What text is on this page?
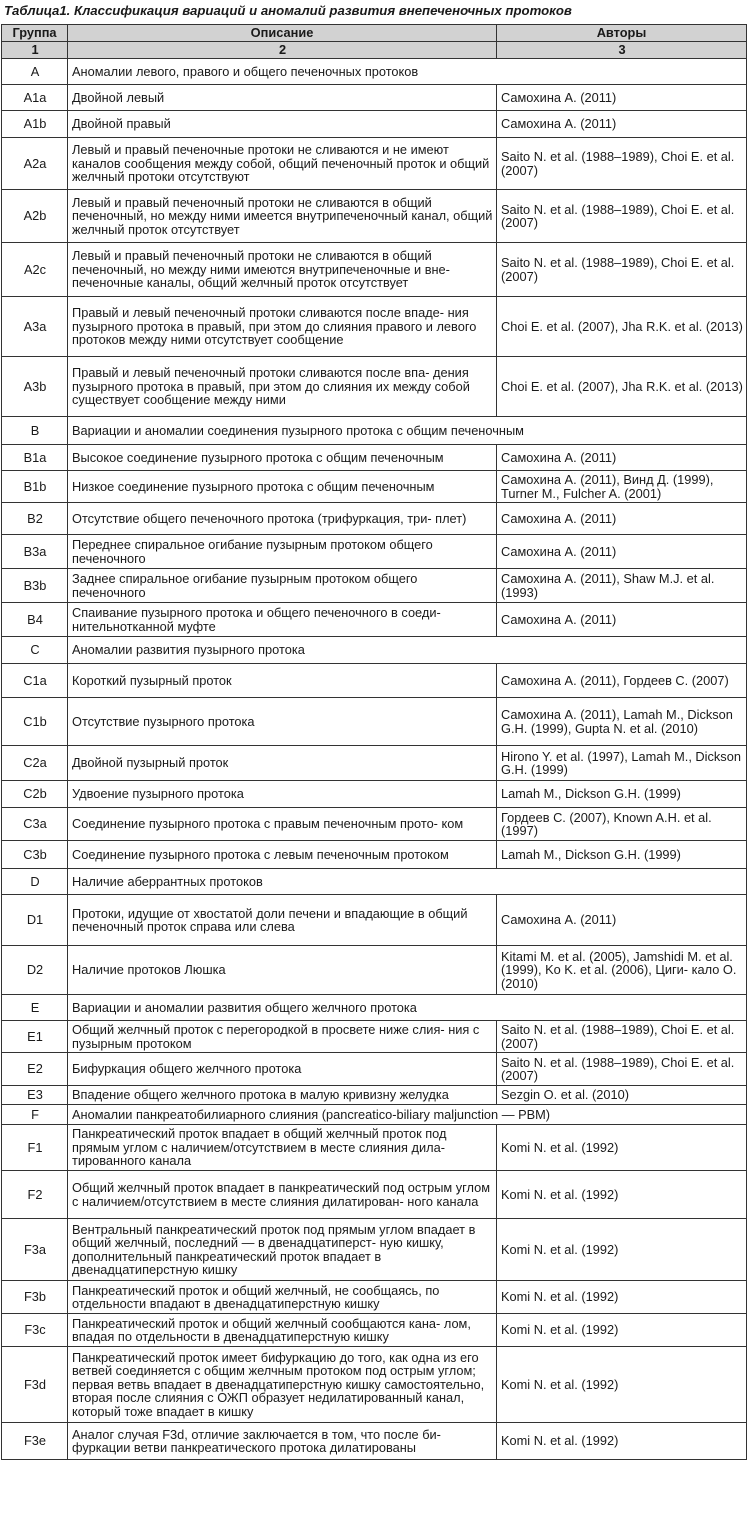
Таблица1. Классификация вариаций и аномалий развития внепеченочных протоков
Группа	Описание	Авторы
1	2	3
A	Аномалии левого, правого и общего печеночных протоков	
A1a	Двойной левый	Самохина А. (2011)
A1b	Двойной правый	Самохина А. (2011)
A2a	Левый и правый печеночные протоки не сливаются и не имеют каналов сообщения между собой, общий печеночный проток и общий желчный протоки отсутствуют	Saito N. et al. (1988–1989), Choi E. et al. (2007)
A2b	Левый и правый печеночный протоки не сливаются в общий печеночный, но между ними имеется внутрипеченочный канал, общий желчный проток отсутствует	Saito N. et al. (1988–1989), Choi E. et al. (2007)
A2c	Левый и правый печеночный протоки не сливаются в общий печеночный, но между ними имеются внутрипеченочные и вне- печеночные каналы, общий желчный проток отсутствует	Saito N. et al. (1988–1989), Choi E. et al. (2007)
A3a	Правый и левый печеночный протоки сливаются после впаде- ния пузырного протока в правый, при этом до слияния правого и левого протоков между ними отсутствует сообщение	Choi E. et al. (2007), Jha R.K. et al. (2013)
A3b	Правый и левый печеночный протоки сливаются после впа- дения пузырного протока в правый, при этом до слияния их между собой существует сообщение между ними	Choi E. et al. (2007), Jha R.K. et al. (2013)
B	Вариации и аномалии соединения пузырного протока с общим печеночным	
B1a	Высокое соединение пузырного протока с общим печеночным	Самохина А. (2011)
B1b	Низкое соединение пузырного протока с общим печеночным	Самохина А. (2011), Винд Д. (1999), Turner M., Fulcher A. (2001)
B2	Отсутствие общего печеночного протока (трифуркация, три- плет)	Самохина А. (2011)
B3a	Переднее спиральное огибание пузырным протоком общего печеночного	Самохина А. (2011)
B3b	Заднее спиральное огибание пузырным протоком общего печеночного	Самохина А. (2011), Shaw M.J. et al. (1993)
B4	Спаивание пузырного протока и общего печеночного в соеди- нительнотканной муфте	Самохина А. (2011)
C	Аномалии развития пузырного протока	
C1a	Короткий пузырный проток	Самохина А. (2011), Гордеев С. (2007)
C1b	Отсутствие пузырного протока	Самохина А. (2011), Lamah M., Dickson G.H. (1999), Gupta N. et al. (2010)
C2a	Двойной пузырный проток	Hirono Y. et al. (1997), Lamah M., Dickson G.H. (1999)
C2b	Удвоение пузырного протока	Lamah M., Dickson G.H. (1999)
C3a	Соединение пузырного протока с правым печеночным прото- ком	Гордеев С. (2007), Known A.H. et al. (1997)
C3b	Соединение пузырного протока с левым печеночным протоком	Lamah M., Dickson G.H. (1999)
D	Наличие аберрантных протоков	
D1	Протоки, идущие от хвостатой доли печени и впадающие в общий печеночный проток справа или слева	Самохина А. (2011)
D2	Наличие протоков Люшка	Kitami M. et al. (2005), Jamshidi M. et al. (1999), Ko K. et al. (2006), Циги- кало О. (2010)
E	Вариации и аномалии развития общего желчного протока	
E1	Общий желчный проток с перегородкой в просвете ниже слия- ния с пузырным протоком	Saito N. et al. (1988–1989), Choi E. et al. (2007)
E2	Бифуркация общего желчного протока	Saito N. et al. (1988–1989), Choi E. et al. (2007)
E3	Впадение общего желчного протока в малую кривизну желудка	Sezgin O. et al. (2010)
F	Аномалии панкреатобилиарного слияния (pancreatico-biliary maljunction — PBM)	
F1	Панкреатический проток впадает в общий желчный проток под прямым углом с наличием/отсутствием в месте слияния дила- тированного канала	Komi N. et al. (1992)
F2	Общий желчный проток впадает в панкреатический под острым углом с наличием/отсутствием в месте слияния дилатирован- ного канала	Komi N. et al. (1992)
F3a	Вентральный панкреатический проток под прямым углом впадает в общий желчный, последний — в двенадцатиперст- ную кишку, дополнительный панкреатический проток впадает в двенадцатиперстную кишку	Komi N. et al. (1992)
F3b	Панкреатический проток и общий желчный, не сообщаясь, по отдельности впадают в двенадцатиперстную кишку	Komi N. et al. (1992)
F3c	Панкреатический проток и общий желчный сообщаются кана- лом, впадая по отдельности в двенадцатиперстную кишку	Komi N. et al. (1992)
F3d	Панкреатический проток имеет бифуркацию до того, как одна из его ветвей соединяется с общим желчным протоком под острым углом; первая ветвь впадает в двенадцатиперстную кишку самостоятельно, вторая после слияния с ОЖП образует недилатированный канал, который тоже впадает в кишку	Komi N. et al. (1992)
F3e	Аналог случая F3d, отличие заключается в том, что после би- фуркации ветви панкреатического протока дилатированы	Komi N. et al. (1992)
